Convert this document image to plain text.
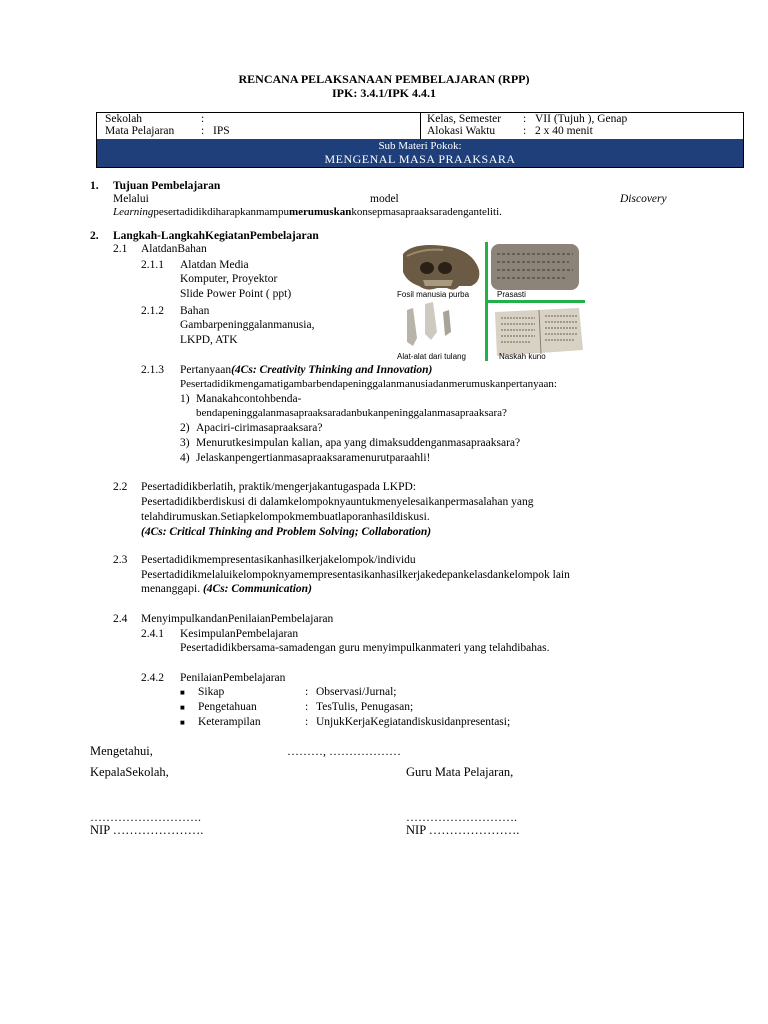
RENCANA PELAKSANAAN PEMBELAJARAN (RPP)
IPK: 3.4.1/IPK 4.4.1
Sekolah	:
Mata Pelajaran : IPS
Kelas, Semester : VII (Tujuh ), Genap
Alokasi Waktu : 2 x 40 menit
Sub Materi Pokok:
MENGENAL MASA PRAAKSARA
1. Tujuan Pembelajaran
Melalui	model	Discovery
Learningpesertadidikdiharapkanmampumerumuskankonsepmasapraaksaradenganteliti.
2. Langkah-LangkahKegiatanPembelajaran
2.1 AlatdanBahan
2.1.1 Alatdan Media
Komputer, Proyektor
Slide Power Point ( ppt)
2.1.2 Bahan
Gambarpeninggalanmanusia,
LKPD, ATK
Fosil manusia purba	Prasasti
Alat-alat dari tulang	Naskah kuno
2.1.3 Pertanyaan(4Cs: Creativity Thinking and Innovation)
Pesertadidikmengamatigambarbendapeninggalanmanusiadanmerumuskanpertanyaan:
1) Manakahcontohbenda-
bendapeninggalanmasapraaksaradanbukanpeninggalanmasapraaksara?
2) Apaciri-cirimasapraaksara?
3) Menurutkesimpulan kalian, apa yang dimaksuddenganmasapraaksara?
4) Jelaskanpengertianmasapraaksaramenurutparaahli!
2.2 Pesertadidikberlatih, praktik/mengerjakantugaspada LKPD:
Pesertadidikberdiskusi di dalamkelompoknyauntukmenyelesaikanpermasalahan yang
telahdirumuskan.Setiapkelompokmembuatlaporanhasildiskusi.
(4Cs: Critical Thinking and Problem Solving; Collaboration)
2.3 Pesertadidikmempresentasikanhasilkerjakelompok/individu
Pesertadidikmelaluikelompoknyamempresentasikanhasilkerjakedepankelasdankelompok lain
menanggapi. (4Cs: Communication)
2.4 MenyimpulkandanPenilaianPembelajaran
2.4.1 KesimpulanPembelajaran
Pesertadidikbersama-samadengan guru menyimpulkanmateri yang telahdibahas.
2.4.2 PenilaianPembelajaran
■ Sikap	: Observasi/Jurnal;
■ Pengetahuan	: TesTulis, Penugasan;
■ Keterampilan	: UnjukKerjaKegiatandiskusidanpresentasi;
Mengetahui,	………, ………………
KepalaSekolah,	Guru Mata Pelajaran,
……………………….	……………………….
NIP ………………….	NIP ………………….
